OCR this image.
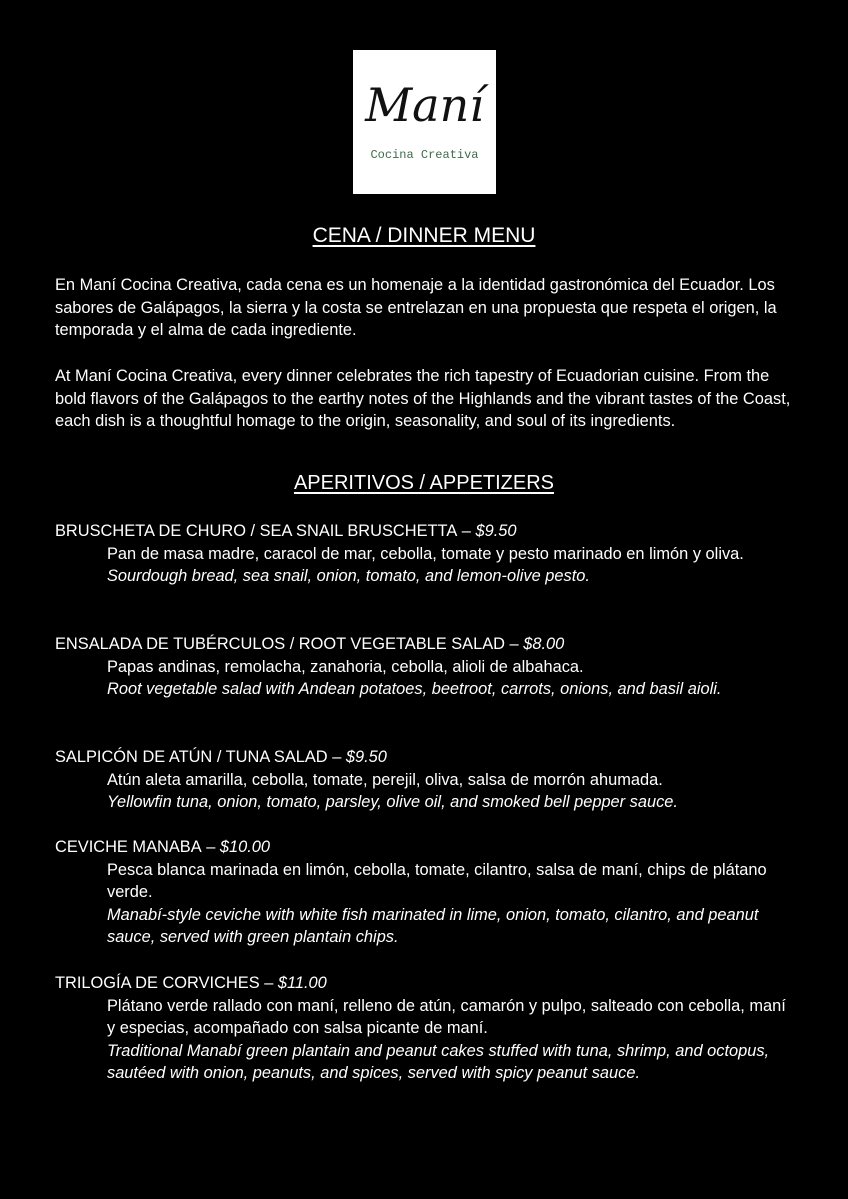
Maní
Cocina Creativa
CENA / DINNER MENU

En Maní Cocina Creativa, cada cena es un homenaje a la identidad gastronómica del Ecuador. Los sabores de Galápagos, la sierra y la costa se entrelazan en una propuesta que respeta el origen, la temporada y el alma de cada ingrediente.

At Maní Cocina Creativa, every dinner celebrates the rich tapestry of Ecuadorian cuisine. From the bold flavors of the Galápagos to the earthy notes of the Highlands and the vibrant tastes of the Coast, each dish is a thoughtful homage to the origin, seasonality, and soul of its ingredients.

APERITIVOS / APPETIZERS
BRUSCHETA DE CHURO / SEA SNAIL BRUSCHETTA – $9.50
Pan de masa madre, caracol de mar, cebolla, tomate y pesto marinado en limón y oliva.
Sourdough bread, sea snail, onion, tomato, and lemon-olive pesto.
ENSALADA DE TUBÉRCULOS / ROOT VEGETABLE SALAD – $8.00
Papas andinas, remolacha, zanahoria, cebolla, alioli de albahaca.
Root vegetable salad with Andean potatoes, beetroot, carrots, onions, and basil aioli.
SALPICÓN DE ATÚN / TUNA SALAD – $9.50
Atún aleta amarilla, cebolla, tomate, perejil, oliva, salsa de morrón ahumada.
Yellowfin tuna, onion, tomato, parsley, olive oil, and smoked bell pepper sauce.
CEVICHE MANABA – $10.00
Pesca blanca marinada en limón, cebolla, tomate, cilantro, salsa de maní, chips de plátano verde.
Manabí-style ceviche with white fish marinated in lime, onion, tomato, cilantro, and peanut sauce, served with green plantain chips.
TRILOGÍA DE CORVICHES – $11.00
Plátano verde rallado con maní, relleno de atún, camarón y pulpo, salteado con cebolla, maní y especias, acompañado con salsa picante de maní.
Traditional Manabí green plantain and peanut cakes stuffed with tuna, shrimp, and octopus, sautéed with onion, peanuts, and spices, served with spicy peanut sauce.
